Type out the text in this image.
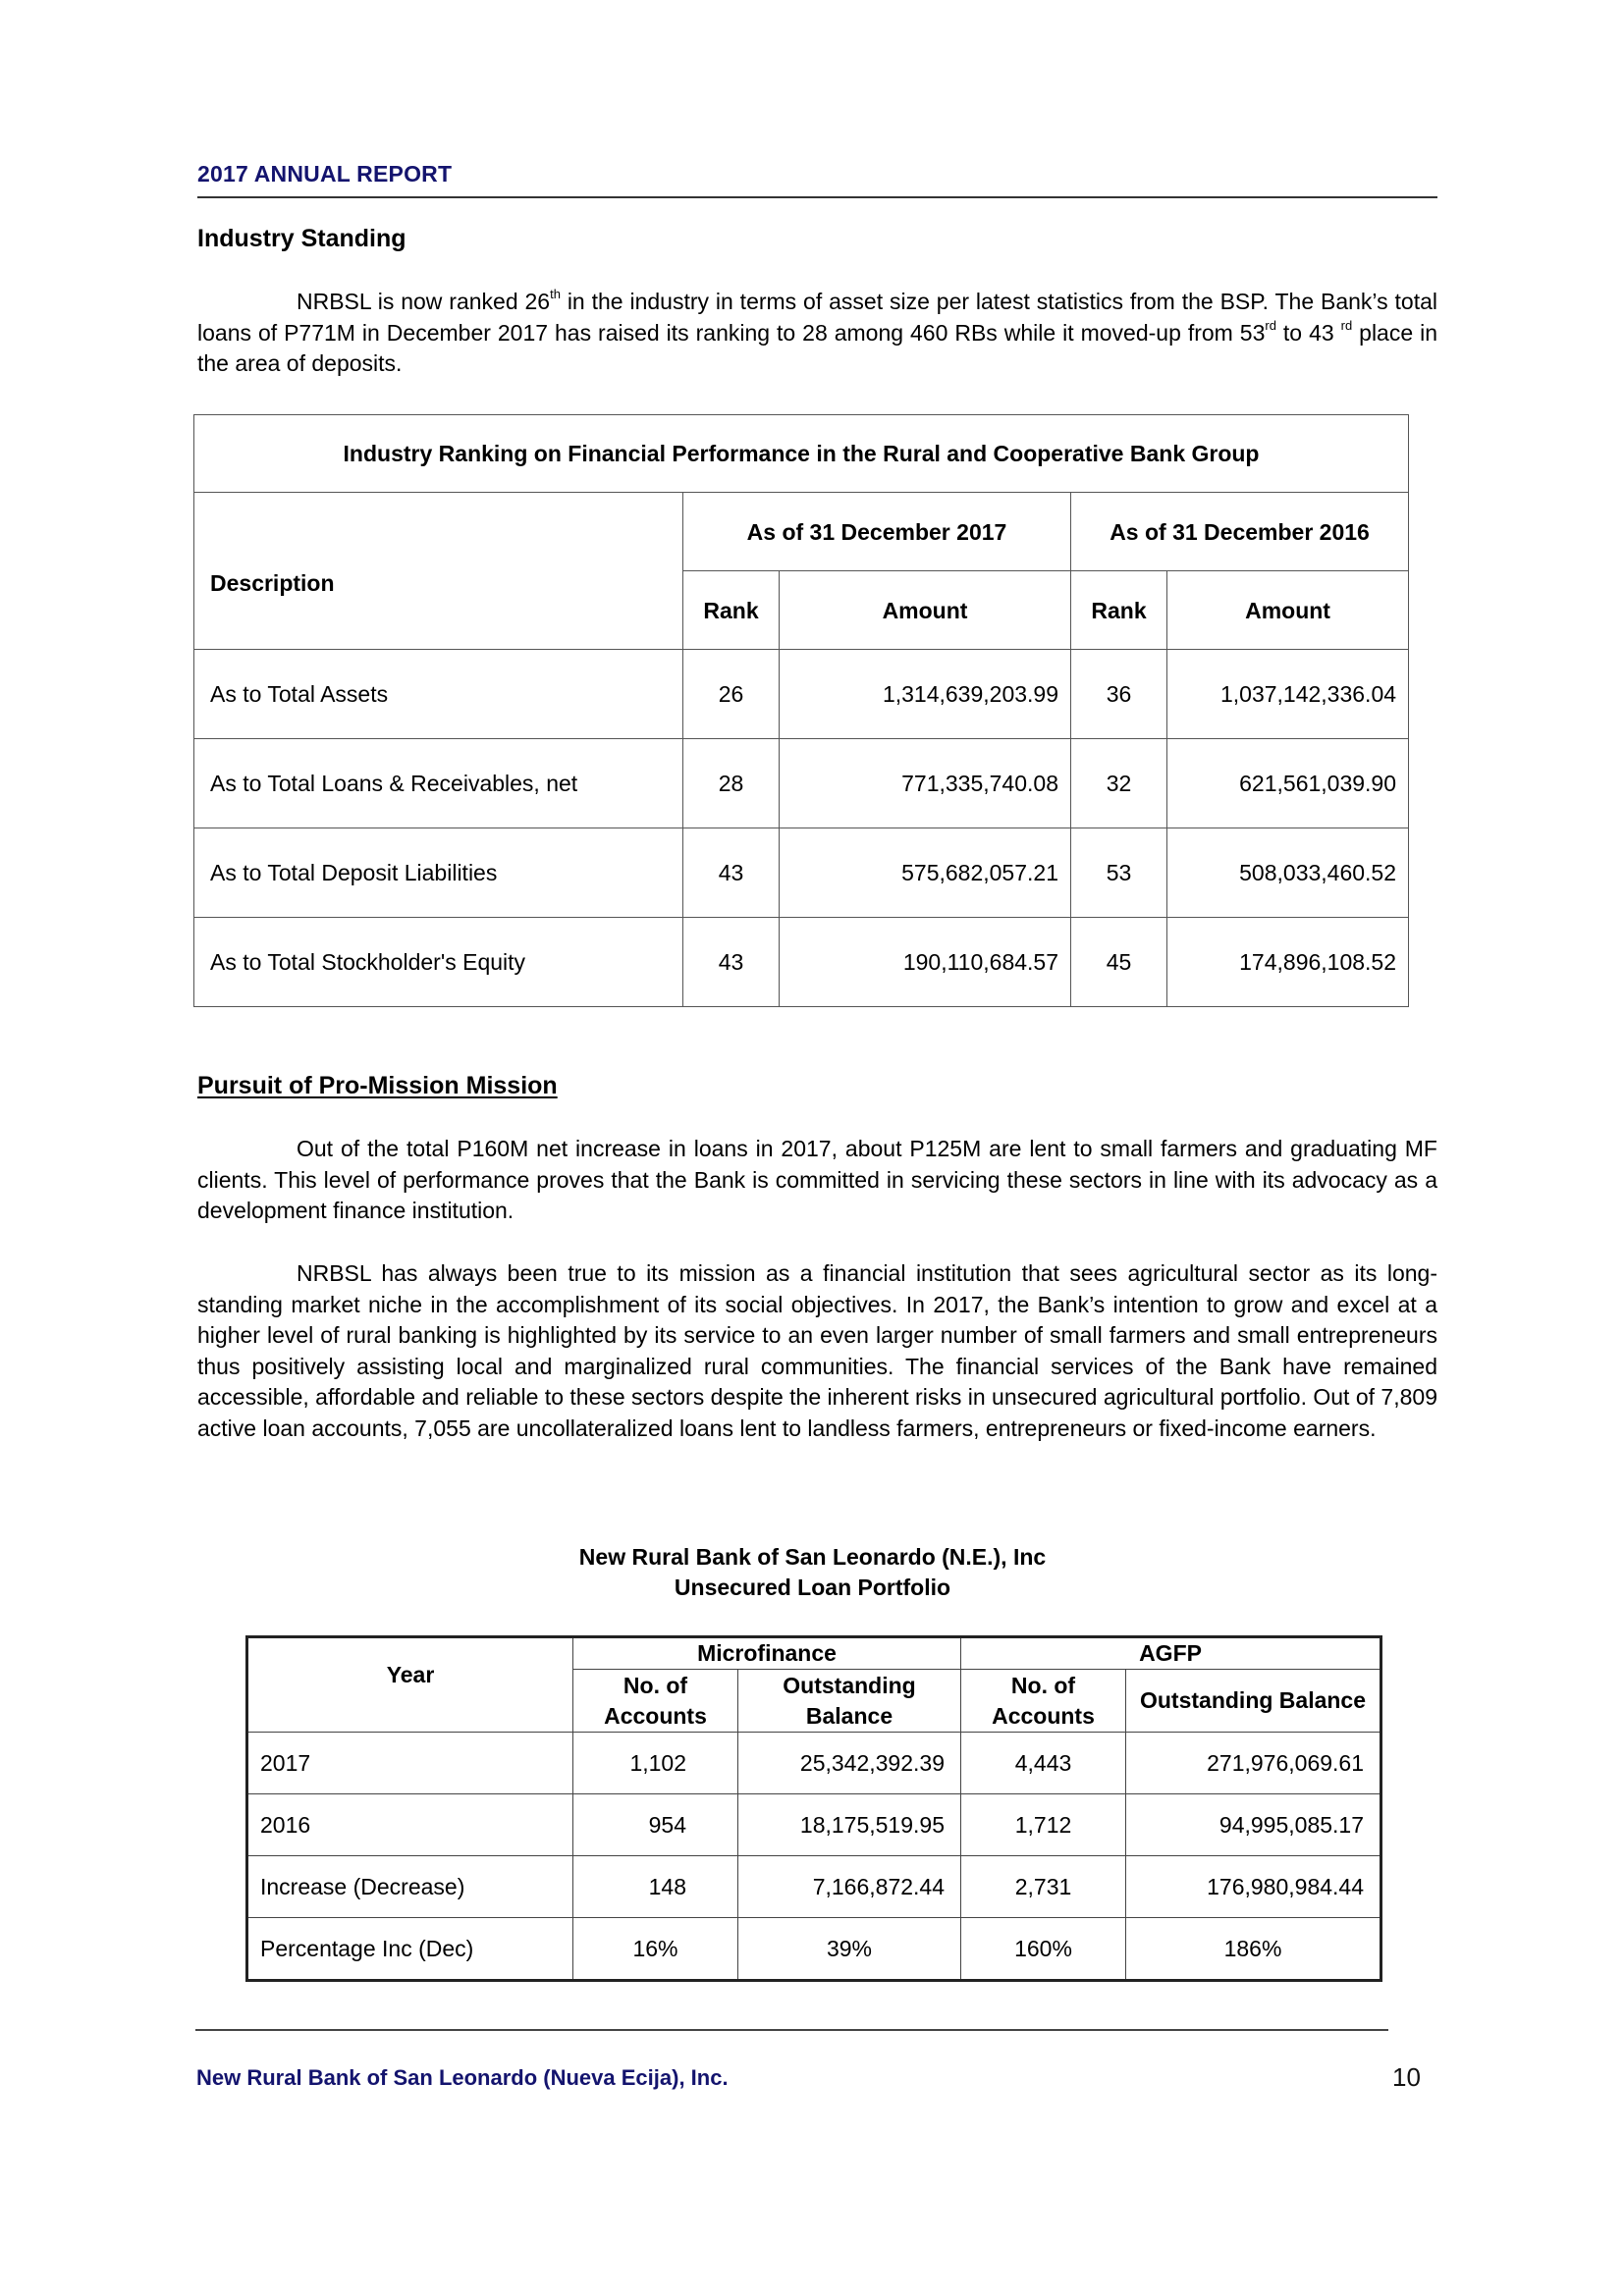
2017 ANNUAL REPORT
Industry Standing
NRBSL is now ranked 26th in the industry in terms of asset size per latest statistics from the BSP. The Bank’s total loans of P771M in December 2017 has raised its ranking to 28 among 460 RBs while it moved-up from 53rd to 43 $^{rd}$ place in the area of deposits.
Industry Ranking on Financial Performance in the Rural and Cooperative Bank Group				
Description	As of 31 December 2017		As of 31 December 2016	
	Rank	Amount	Rank	Amount
As to Total Assets	26	1,314,639,203.99	36	1,037,142,336.04
As to Total Loans & Receivables, net	28	771,335,740.08	32	621,561,039.90
As to Total Deposit Liabilities	43	575,682,057.21	53	508,033,460.52
As to Total Stockholder's Equity	43	190,110,684.57	45	174,896,108.52
Pursuit of Pro-Mission Mission
Out of the total P160M net increase in loans in 2017, about P125M are lent to small farmers and graduating MF clients. This level of performance proves that the Bank is committed in servicing these sectors in line with its advocacy as a development finance institution.
NRBSL has always been true to its mission as a financial institution that sees agricultural sector as its long-standing market niche in the accomplishment of its social objectives. In 2017, the Bank’s intention to grow and excel at a higher level of rural banking is highlighted by its service to an even larger number of small farmers and small entrepreneurs thus positively assisting local and marginalized rural communities. The financial services of the Bank have remained accessible, affordable and reliable to these sectors despite the inherent risks in unsecured agricultural portfolio. Out of 7,809 active loan accounts, 7,055 are uncollateralized loans lent to landless farmers, entrepreneurs or fixed-income earners.
New Rural Bank of San Leonardo (N.E.), Inc
Unsecured Loan Portfolio
Year	Microfinance		AGFP	
	No. of Accounts	Outstanding Balance	No. of Accounts	Outstanding Balance
2017	1,102	25,342,392.39	4,443	271,976,069.61
2016	954	18,175,519.95	1,712	94,995,085.17
Increase (Decrease)	148	7,166,872.44	2,731	176,980,984.44
Percentage Inc (Dec)	16%	39%	160%	186%
New Rural Bank of San Leonardo (Nueva Ecija), Inc.	10
